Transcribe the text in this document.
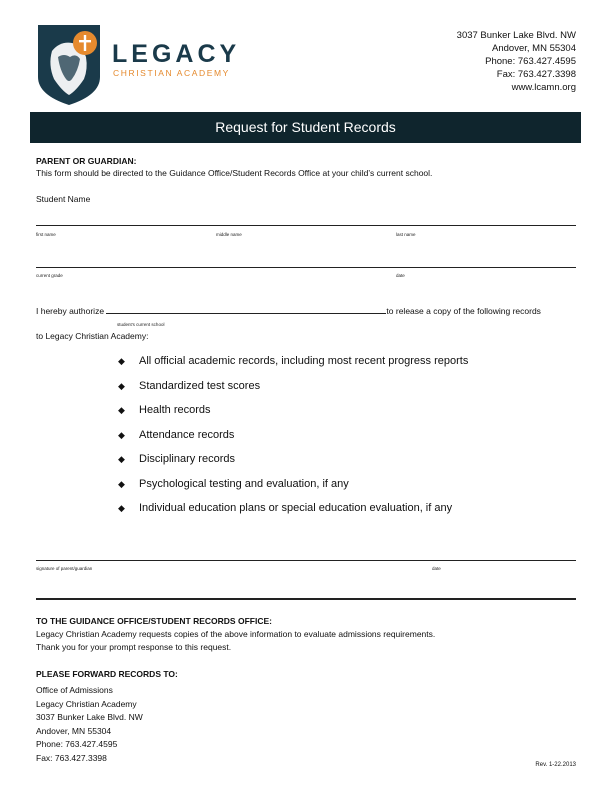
LEGACY
CHRISTIAN ACADEMY
3037 Bunker Lake Blvd. NW
Andover, MN 55304
Phone: 763.427.4595
Fax: 763.427.3398
www.lcamn.org
Request for Student Records
PARENT OR GUARDIAN:
This form should be directed to the Guidance Office/Student Records Office at your child’s current school.
Student Name
first name	middle name	last name
current grade	date
I hereby authorize	to release a copy of the following records
student’s current school
to Legacy Christian Academy:
◆ All official academic records, including most recent progress reports
◆ Standardized test scores
◆ Health records
◆ Attendance records
◆ Disciplinary records
◆ Psychological testing and evaluation, if any
◆ Individual education plans or special education evaluation, if any
signature of parent/guardian	date
TO THE GUIDANCE OFFICE/STUDENT RECORDS OFFICE:
Legacy Christian Academy requests copies of the above information to evaluate admissions requirements.
Thank you for your prompt response to this request.
PLEASE FORWARD RECORDS TO:
Office of Admissions
Legacy Christian Academy
3037 Bunker Lake Blvd. NW
Andover, MN 55304
Phone: 763.427.4595
Fax: 763.427.3398
Rev. 1-22.2013
